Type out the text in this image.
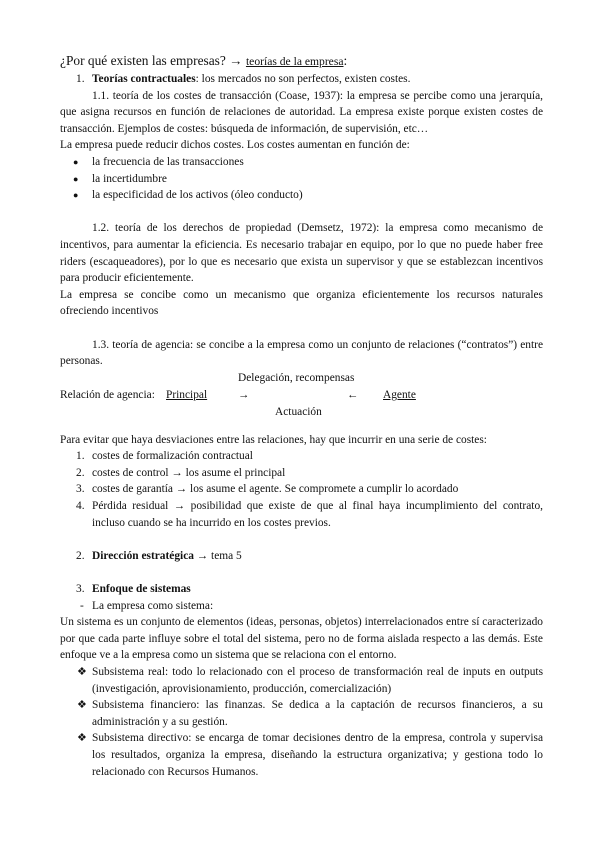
¿Por qué existen las empresas? → teorías de la empresa:
1. Teorías contractuales: los mercados no son perfectos, existen costes.
1.1. teoría de los costes de transacción (Coase, 1937): la empresa se percibe como una jerarquía, que asigna recursos en función de relaciones de autoridad. La empresa existe porque existen costes de transacción. Ejemplos de costes: búsqueda de información, de supervisión, etc…
La empresa puede reducir dichos costes. Los costes aumentan en función de:
● la frecuencia de las transacciones
● la incertidumbre
● la especificidad de los activos (óleo conducto)
1.2. teoría de los derechos de propiedad (Demsetz, 1972): la empresa como mecanismo de incentivos, para aumentar la eficiencia. Es necesario trabajar en equipo, por lo que no puede haber free riders (escaqueadores), por lo que es necesario que exista un supervisor y que se establezcan incentivos para producir eficientemente.
La empresa se concibe como un mecanismo que organiza eficientemente los recursos naturales ofreciendo incentivos
1.3. teoría de agencia: se concibe a la empresa como un conjunto de relaciones (“contratos”) entre personas.
Delegación, recompensas
Relación de agencia: Principal	→	← Agente
Actuación
Para evitar que haya desviaciones entre las relaciones, hay que incurrir en una serie de costes:
1. costes de formalización contractual
2. costes de control → los asume el principal
3. costes de garantía → los asume el agente. Se compromete a cumplir lo acordado
4. Pérdida residual → posibilidad que existe de que al final haya incumplimiento del contrato, incluso cuando se ha incurrido en los costes previos.
2. Dirección estratégica → tema 5
3. Enfoque de sistemas
- La empresa como sistema:
Un sistema es un conjunto de elementos (ideas, personas, objetos) interrelacionados entre sí caracterizado por que cada parte influye sobre el total del sistema, pero no de forma aislada respecto a las demás. Este enfoque ve a la empresa como un sistema que se relaciona con el entorno.
❖ Subsistema real: todo lo relacionado con el proceso de transformación real de inputs en outputs (investigación, aprovisionamiento, producción, comercialización)
❖ Subsistema financiero: las finanzas. Se dedica a la captación de recursos financieros, a su administración y a su gestión.
❖ Subsistema directivo: se encarga de tomar decisiones dentro de la empresa, controla y supervisa los resultados, organiza la empresa, diseñando la estructura organizativa; y gestiona todo lo relacionado con Recursos Humanos.
